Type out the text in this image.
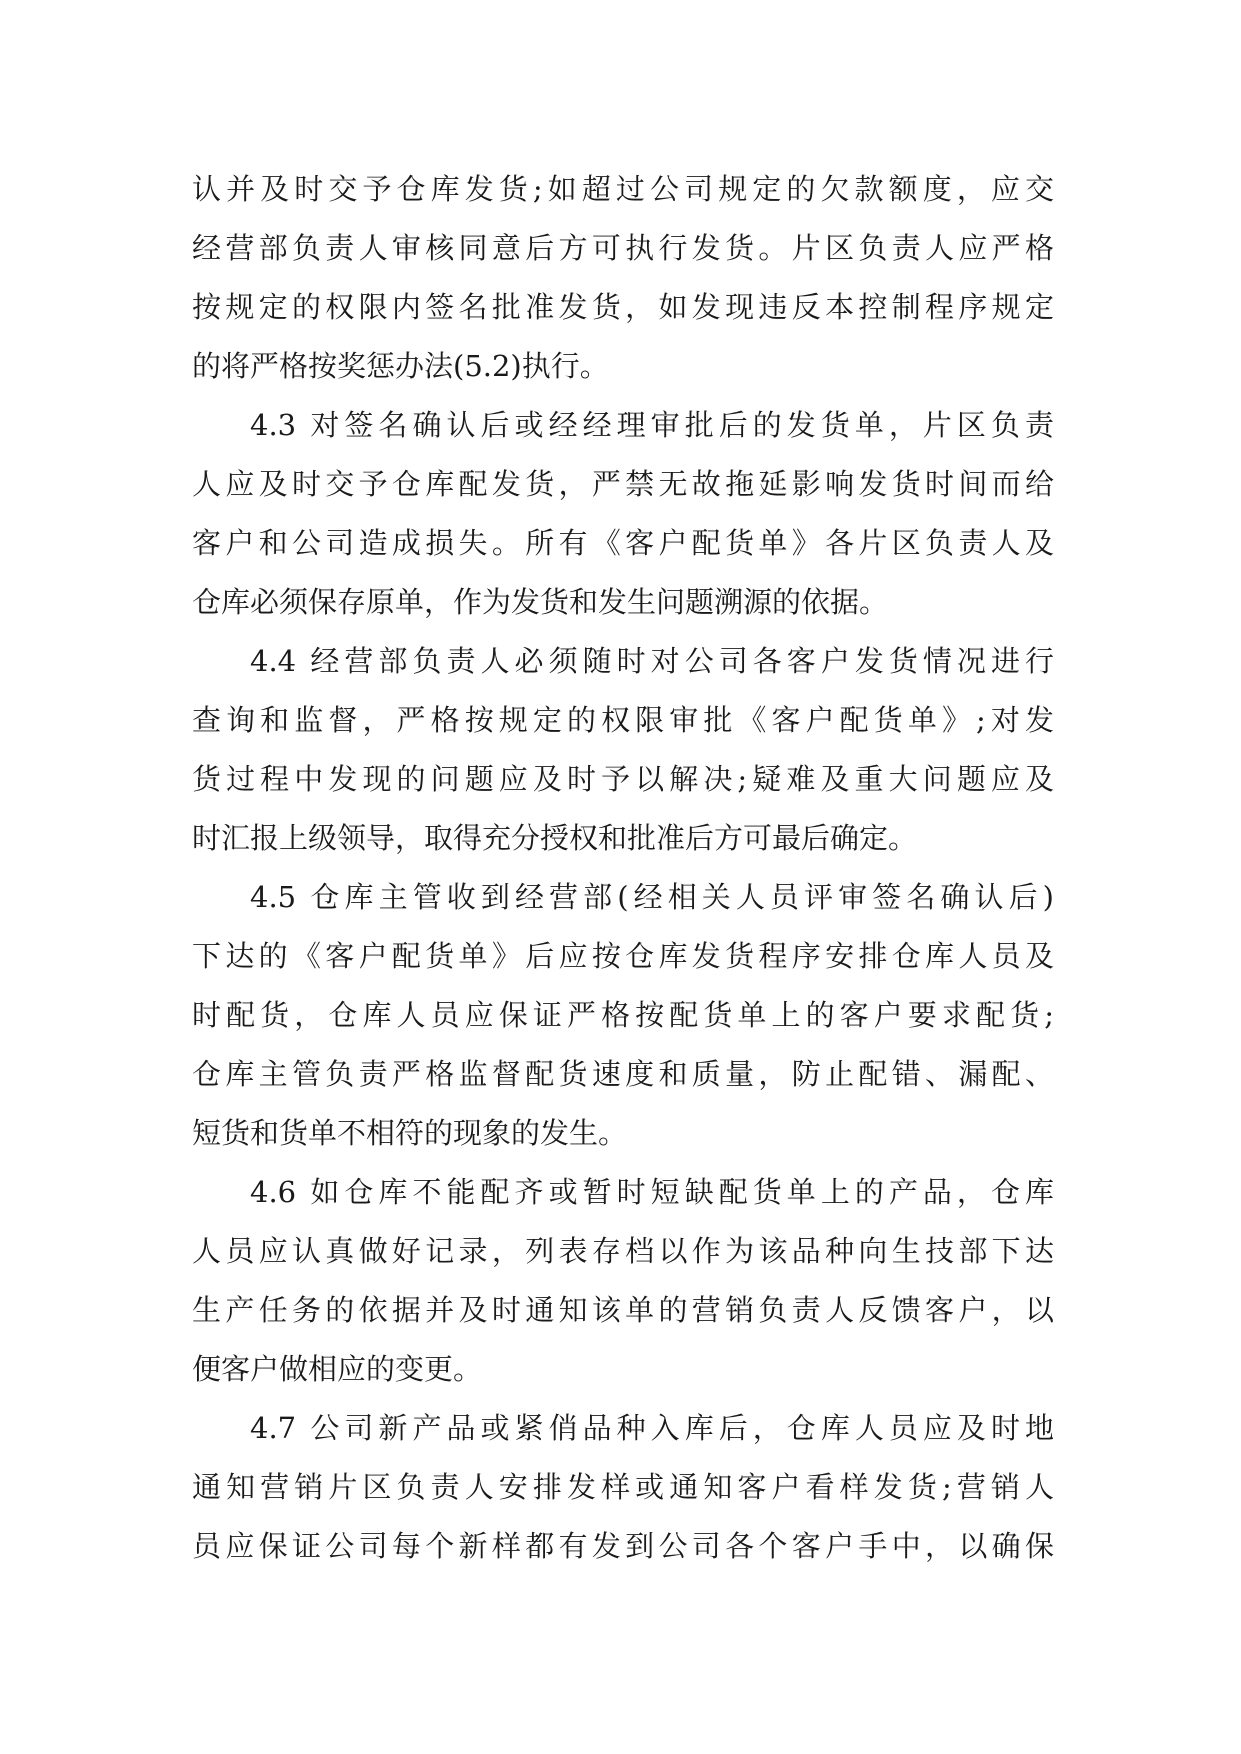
认并及时交予仓库发货;如超过公司规定的欠款额度，应交
经营部负责人审核同意后方可执行发货。片区负责人应严格
按规定的权限内签名批准发货，如发现违反本控制程序规定
的将严格按奖惩办法(5.2)执行。
4.3 对签名确认后或经经理审批后的发货单，片区负责
人应及时交予仓库配发货，严禁无故拖延影响发货时间而给
客户和公司造成损失。所有《客户配货单》各片区负责人及
仓库必须保存原单，作为发货和发生问题溯源的依据。
4.4 经营部负责人必须随时对公司各客户发货情况进行
查询和监督，严格按规定的权限审批《客户配货单》;对发
货过程中发现的问题应及时予以解决;疑难及重大问题应及
时汇报上级领导，取得充分授权和批准后方可最后确定。
4.5 仓库主管收到经营部(经相关人员评审签名确认后)
下达的《客户配货单》后应按仓库发货程序安排仓库人员及
时配货，仓库人员应保证严格按配货单上的客户要求配货;
仓库主管负责严格监督配货速度和质量，防止配错、漏配、
短货和货单不相符的现象的发生。
4.6 如仓库不能配齐或暂时短缺配货单上的产品，仓库
人员应认真做好记录，列表存档以作为该品种向生技部下达
生产任务的依据并及时通知该单的营销负责人反馈客户，以
便客户做相应的变更。
4.7 公司新产品或紧俏品种入库后，仓库人员应及时地
通知营销片区负责人安排发样或通知客户看样发货;营销人
员应保证公司每个新样都有发到公司各个客户手中，以确保
